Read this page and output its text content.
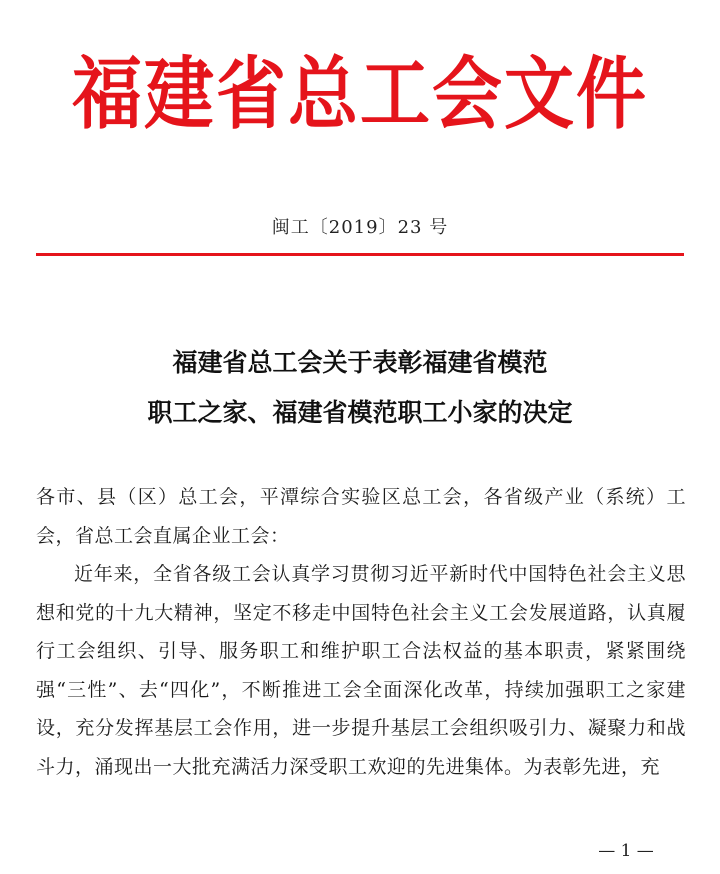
福建省总工会文件
闽工〔2019〕23 号
福建省总工会关于表彰福建省模范
职工之家、福建省模范职工小家的决定
各市、县（区）总工会，平潭综合实验区总工会，各省级产业（系统）工会，省总工会直属企业工会：
近年来，全省各级工会认真学习贯彻习近平新时代中国特色社会主义思想和党的十九大精神，坚定不移走中国特色社会主义工会发展道路，认真履行工会组织、引导、服务职工和维护职工合法权益的基本职责，紧紧围绕强“三性”、去“四化”，不断推进工会全面深化改革，持续加强职工之家建设，充分发挥基层工会作用，进一步提升基层工会组织吸引力、凝聚力和战斗力，涌现出一大批充满活力深受职工欢迎的先进集体。为表彰先进，充
— 1 —
